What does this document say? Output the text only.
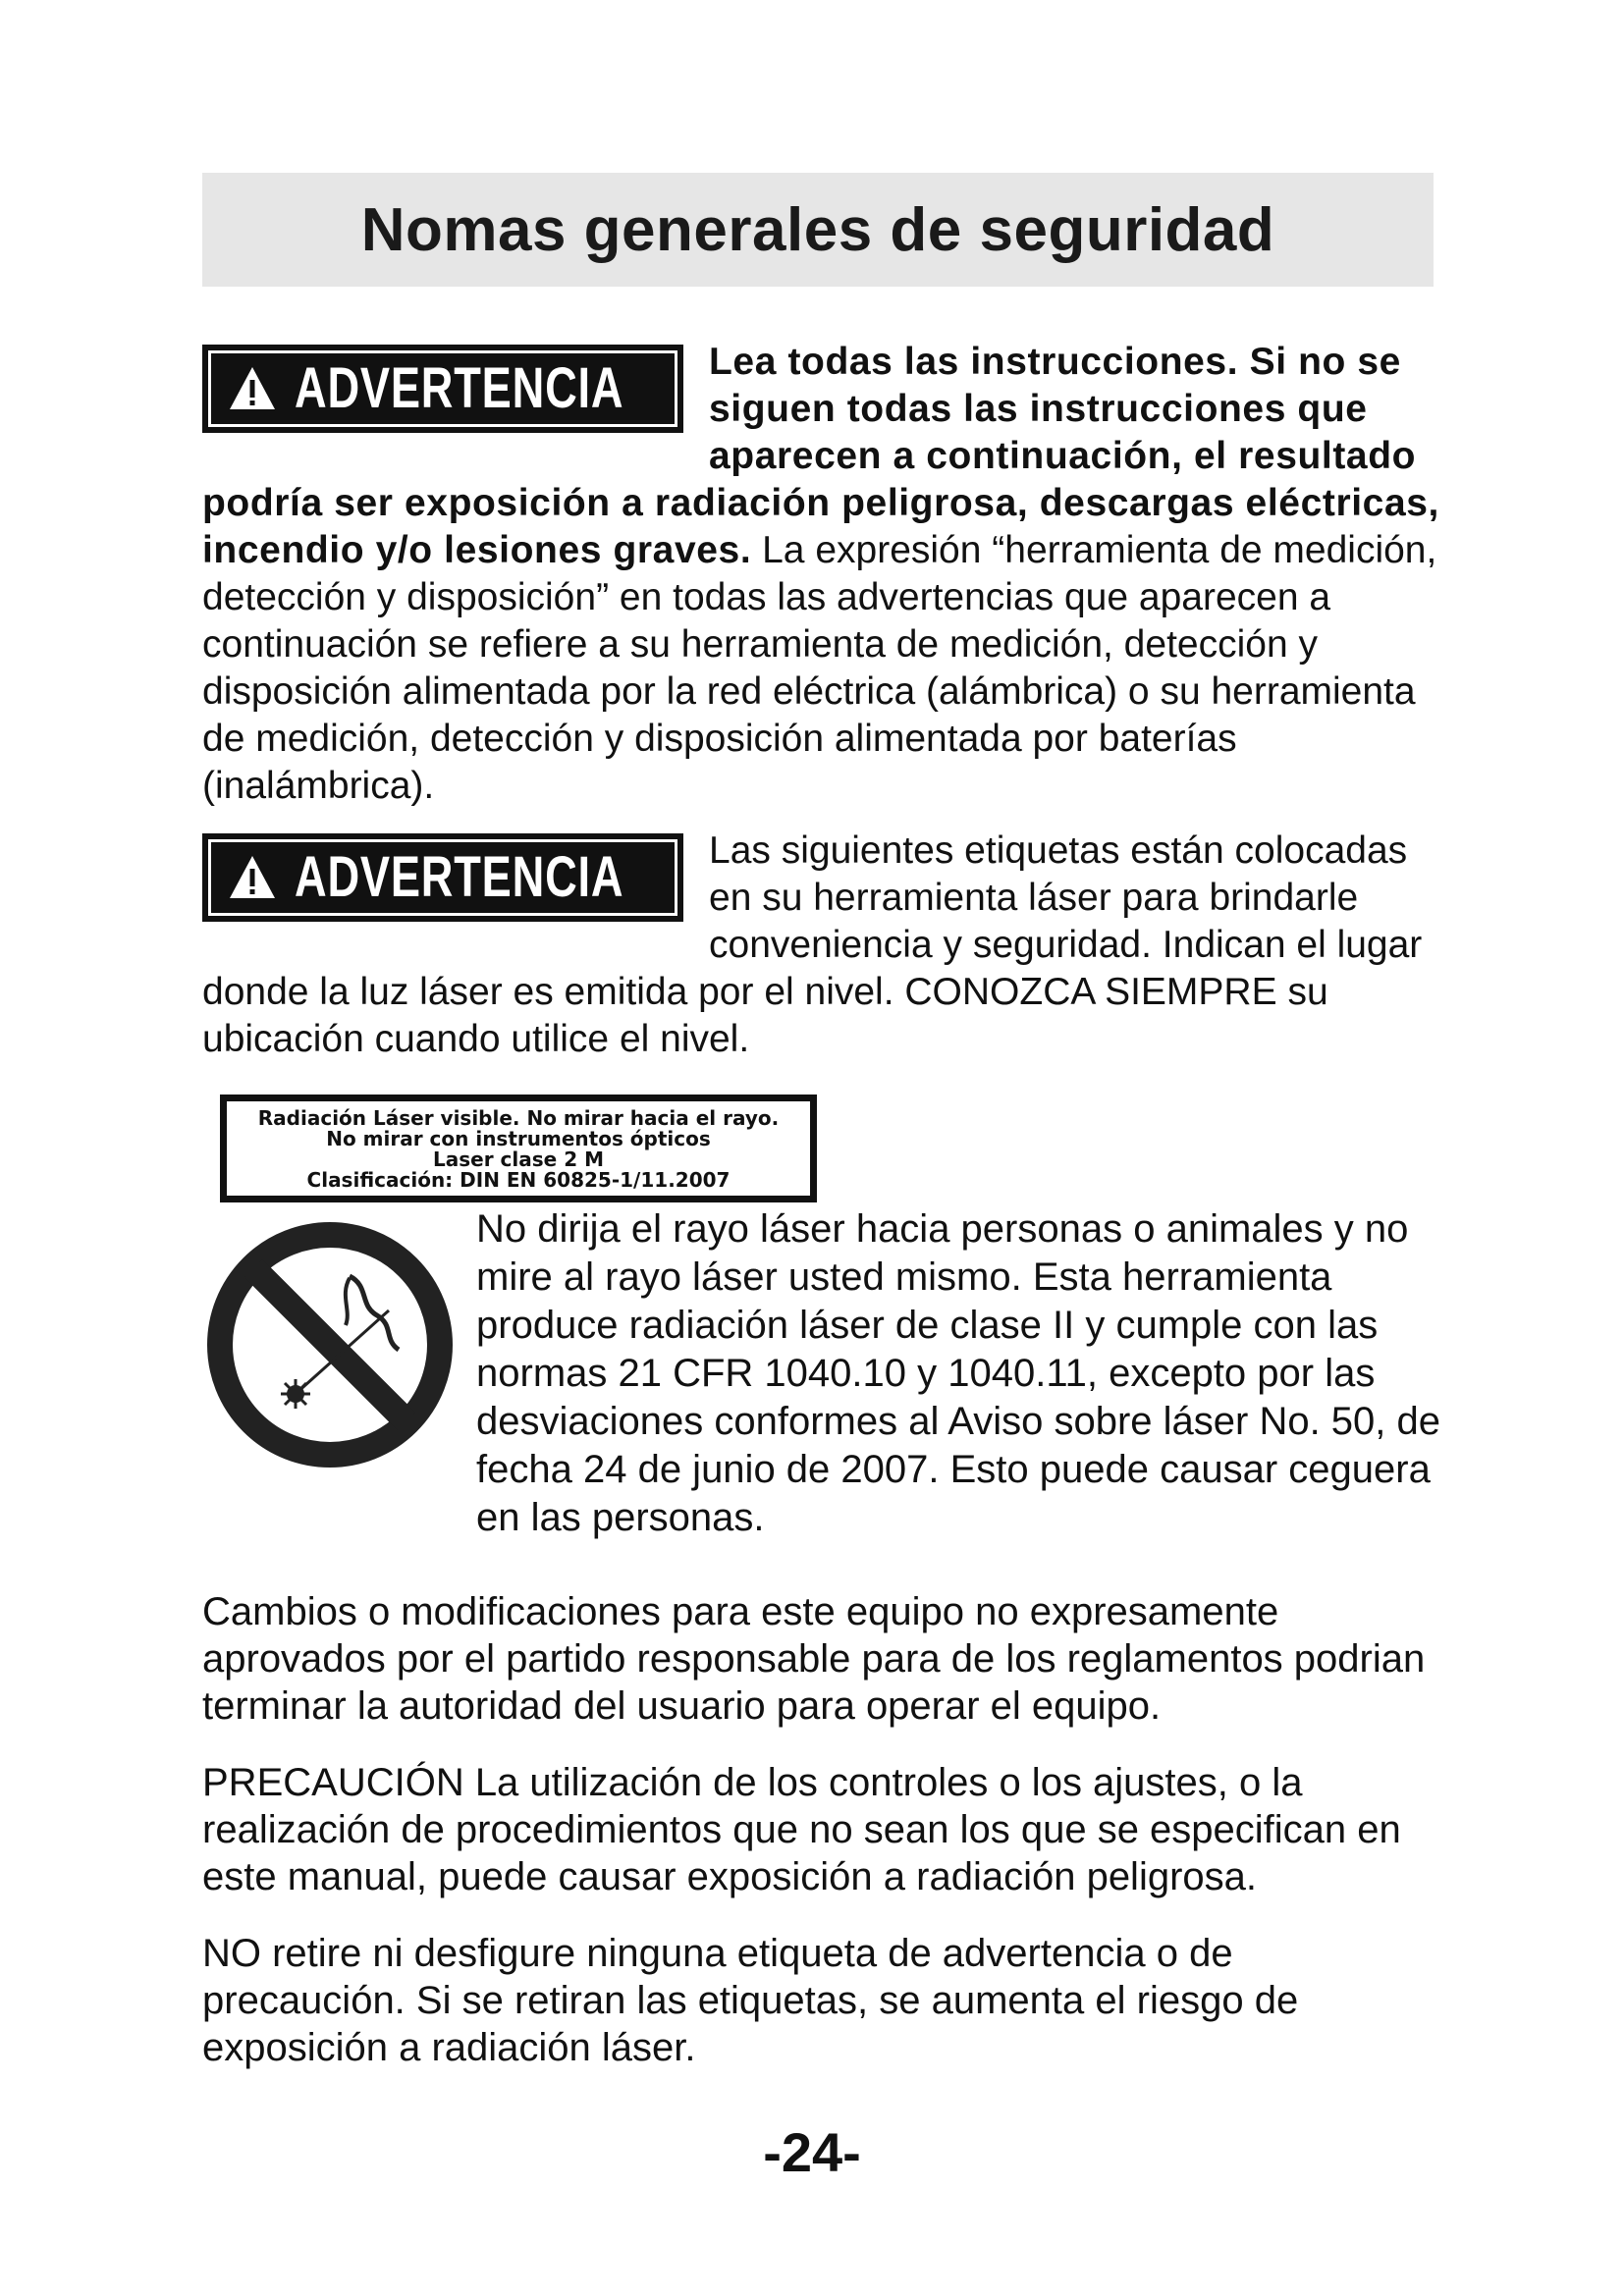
Nomas generales de seguridad

ADVERTENCIA Lea todas las instrucciones. Si no se siguen todas las instrucciones que aparecen a continuación, el resultado podría ser exposición a radiación peligrosa, descargas eléctricas, incendio y/o lesiones graves. La expresión “herramienta de medición, detección y disposición” en todas las advertencias que aparecen a continuación se refiere a su herramienta de medición, detección y disposición alimentada por la red eléctrica (alámbrica) o su herramienta de medición, detección y disposición alimentada por baterías (inalámbrica).

ADVERTENCIA Las siguientes etiquetas están colocadas en su herramienta láser para brindarle conveniencia y seguridad. Indican el lugar donde la luz láser es emitida por el nivel. CONOZCA SIEMPRE su ubicación cuando utilice el nivel.

Radiación Láser visible. No mirar hacia el rayo.
No mirar con instrumentos ópticos
Laser clase 2 M
Clasificación: DIN EN 60825-1/11.2007

No dirija el rayo láser hacia personas o animales y no mire al rayo láser usted mismo. Esta herramienta produce radiación láser de clase II y cumple con las normas 21 CFR 1040.10 y 1040.11, excepto por las desviaciones conformes al Aviso sobre láser No. 50, de fecha 24 de junio de 2007. Esto puede causar ceguera en las personas.

Cambios o modificaciones para este equipo no expresamente aprovados por el partido responsable para de los reglamentos podrian terminar la autoridad del usuario para operar el equipo.

PRECAUCIÓN La utilización de los controles o los ajustes, o la realización de procedimientos que no sean los que se especifican en este manual, puede causar exposición a radiación peligrosa.

NO retire ni desfigure ninguna etiqueta de advertencia o de precaución. Si se retiran las etiquetas, se aumenta el riesgo de exposición a radiación láser.

-24-
